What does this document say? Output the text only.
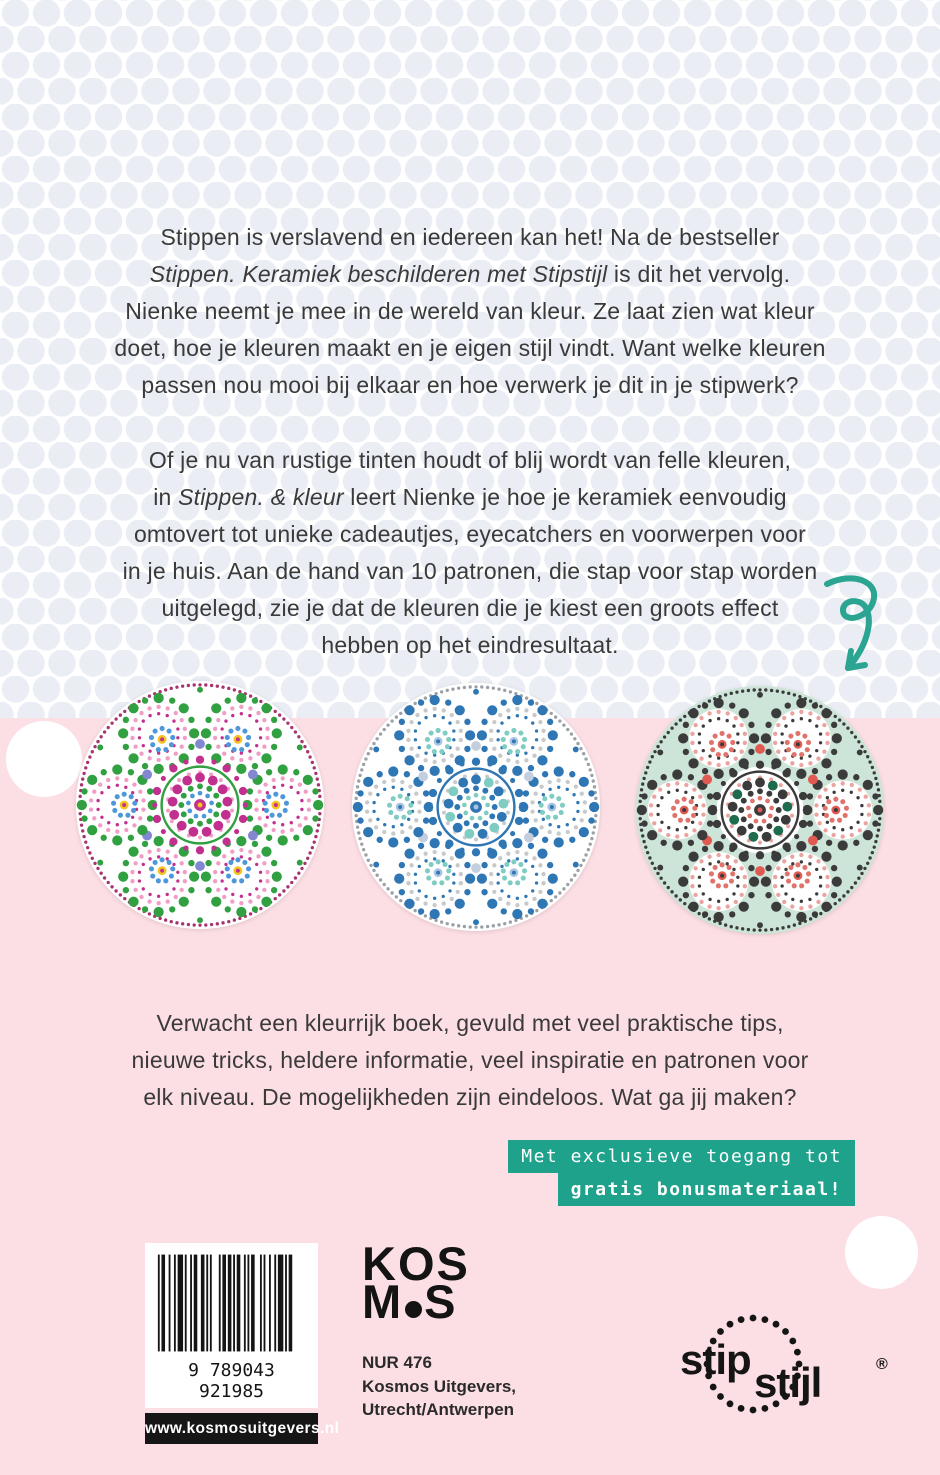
Stippen is verslavend en iedereen kan het! Na de bestseller
Stippen. Keramiek beschilderen met Stipstijl is dit het vervolg.
Nienke neemt je mee in de wereld van kleur. Ze laat zien wat kleur
doet, hoe je kleuren maakt en je eigen stijl vindt. Want welke kleuren
passen nou mooi bij elkaar en hoe verwerk je dit in je stipwerk?

Of je nu van rustige tinten houdt of blij wordt van felle kleuren,
in Stippen. & kleur leert Nienke je hoe je keramiek eenvoudig
omtovert tot unieke cadeautjes, eyecatchers en voorwerpen voor
in je huis. Aan de hand van 10 patronen, die stap voor stap worden
uitgelegd, zie je dat de kleuren die je kiest een groots effect
hebben op het eindresultaat.

Verwacht een kleurrijk boek, gevuld met veel praktische tips,
nieuwe tricks, heldere informatie, veel inspiratie en patronen voor
elk niveau. De mogelijkheden zijn eindeloos. Wat ga jij maken?

Met exclusieve toegang tot
gratis bonusmateriaal!
9 789043 921985
www.kosmosuitgevers.nl
KOS
M S
NUR 476
Kosmos Uitgevers,
Utrecht/Antwerpen
stip stijl	®
